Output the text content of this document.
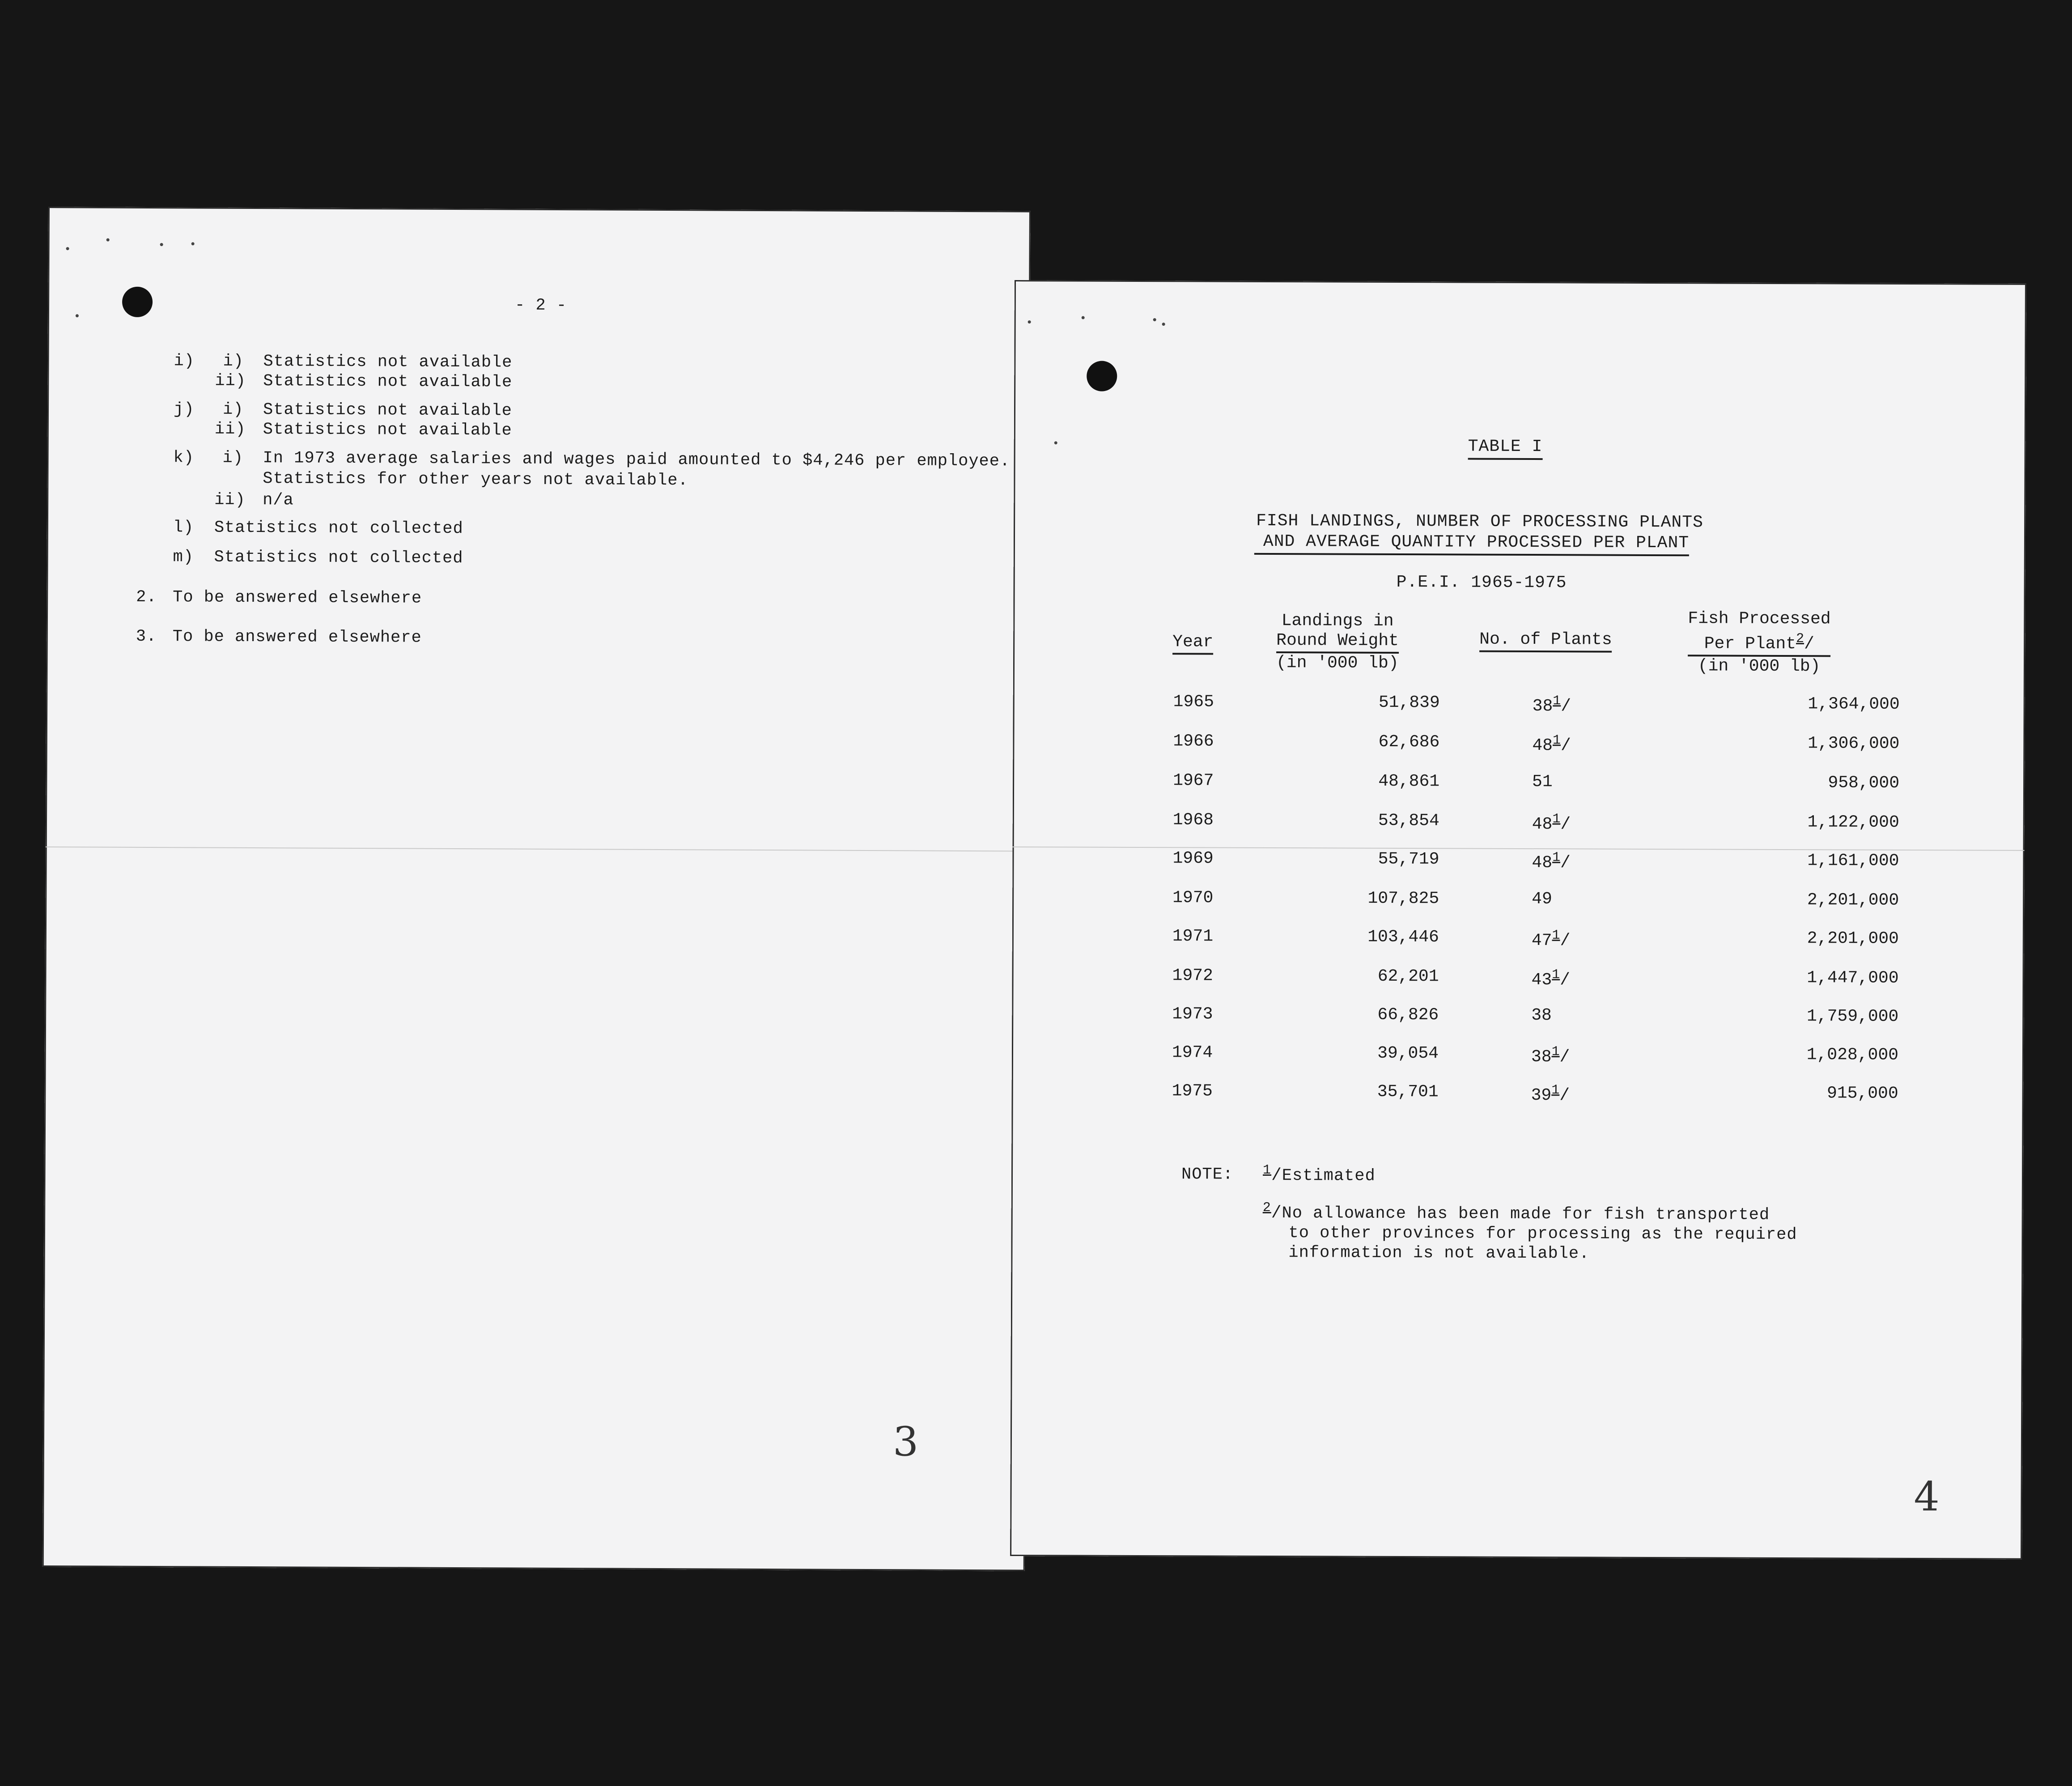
- 2 -
i) i) Statistics not available
ii) Statistics not available
j) i) Statistics not available
ii) Statistics not available
k) i) In 1973 average salaries and wages paid amounted to $4,246 per employee.
Statistics for other years not available.
ii) n/a
l) Statistics not collected
m) Statistics not collected
2. To be answered elsewhere
3. To be answered elsewhere
3
TABLE I
FISH LANDINGS, NUMBER OF PROCESSING PLANTS
AND AVERAGE QUANTITY PROCESSED PER PLANT
P.E.I. 1965-1975
Year
Landings in
Round Weight
(in '000 lb)
No. of Plants
Fish Processed
Per Plant$^2$/
(in '000 lb)
1965	51,839	38$^1$/	1,364,000
1966	62,686	48$^1$/	1,306,000
1967	48,861	51	958,000
1968	53,854	48$^1$/	1,122,000
1969	55,719	48$^1$/	1,161,000
1970	107,825	49	2,201,000
1971	103,446	47$^1$/	2,201,000
1972	62,201	43$^1$/	1,447,000
1973	66,826	38	1,759,000
1974	39,054	38$^1$/	1,028,000
1975	35,701	39$^1$/	915,000
NOTE: $^1$/Estimated
$^2$/No allowance has been made for fish transported
to other provinces for processing as the required
information is not available.
4
